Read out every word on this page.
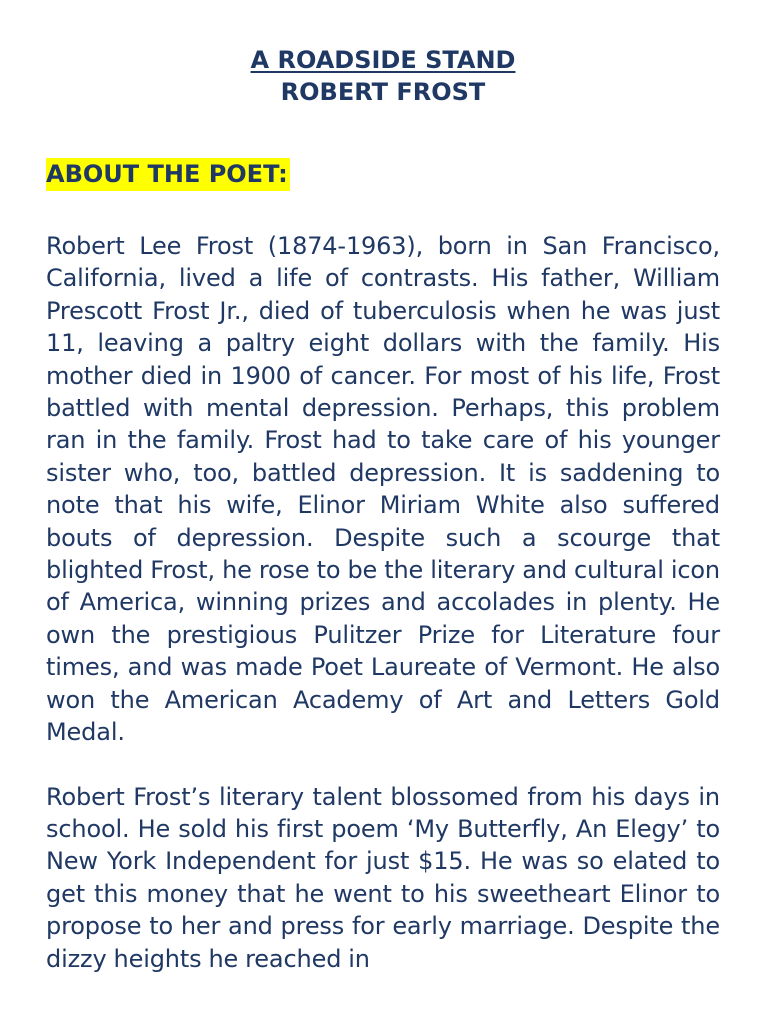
A ROADSIDE STAND
ROBERT FROST
ABOUT THE POET:

Robert Lee Frost (1874-1963), born in San Francisco, California, lived a life of contrasts. His father, William Prescott Frost Jr., died of tuberculosis when he was just 11, leaving a paltry eight dollars with the family. His mother died in 1900 of cancer. For most of his life, Frost battled with mental depression. Perhaps, this problem ran in the family. Frost had to take care of his younger sister who, too, battled depression. It is saddening to note that his wife, Elinor Miriam White also suffered bouts of depression. Despite such a scourge that blighted Frost, he rose to be the literary and cultural icon of America, winning prizes and accolades in plenty. He own the prestigious Pulitzer Prize for Literature four times, and was made Poet Laureate of Vermont. He also won the American Academy of Art and Letters Gold Medal.

Robert Frost’s literary talent blossomed from his days in school. He sold his first poem ‘My Butterfly, An Elegy’ to New York Independent for just $15. He was so elated to get this money that he went to his sweetheart Elinor to propose to her and press for early marriage. Despite the dizzy heights he reached in
